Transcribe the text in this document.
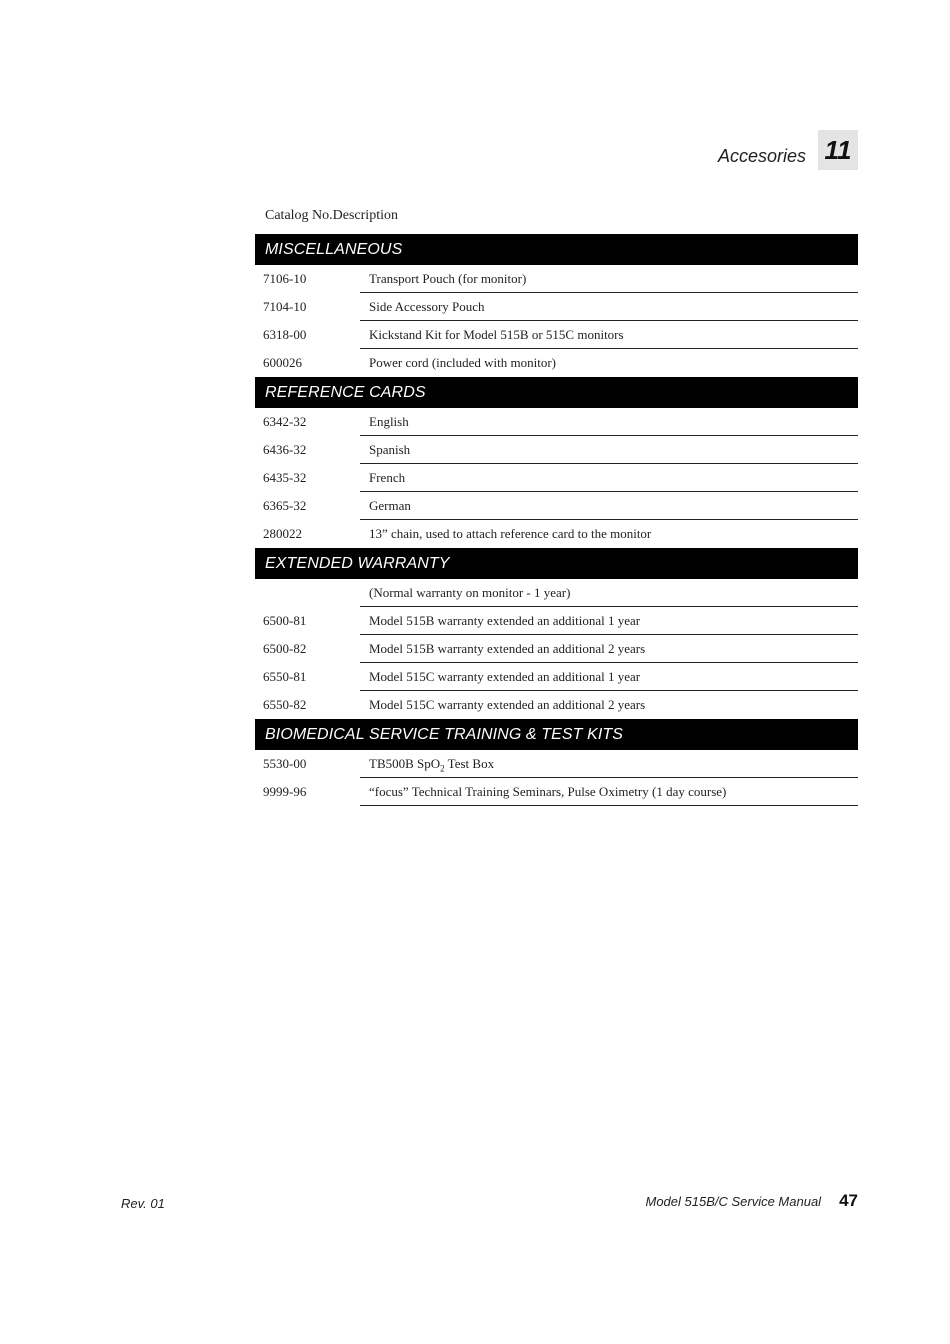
Accesories 11
Catalog No.Description
MISCELLANEOUS
7106-10	Transport Pouch (for monitor)
7104-10	Side Accessory Pouch
6318-00	Kickstand Kit for Model 515B or 515C monitors
600026	Power cord (included with monitor)
REFERENCE CARDS
6342-32	English
6436-32	Spanish
6435-32	French
6365-32	German
280022	13” chain, used to attach reference card to the monitor
EXTENDED WARRANTY
(Normal warranty on monitor - 1 year)
6500-81	Model 515B warranty extended an additional 1 year
6500-82	Model 515B warranty extended an additional 2 years
6550-81	Model 515C warranty extended an additional 1 year
6550-82	Model 515C warranty extended an additional 2 years
BIOMEDICAL SERVICE TRAINING & TEST KITS
5530-00	TB500B SpO$_2$ Test Box
9999-96	“focus” Technical Training Seminars, Pulse Oximetry (1 day course)
Rev. 01	Model 515B/C Service Manual 47
